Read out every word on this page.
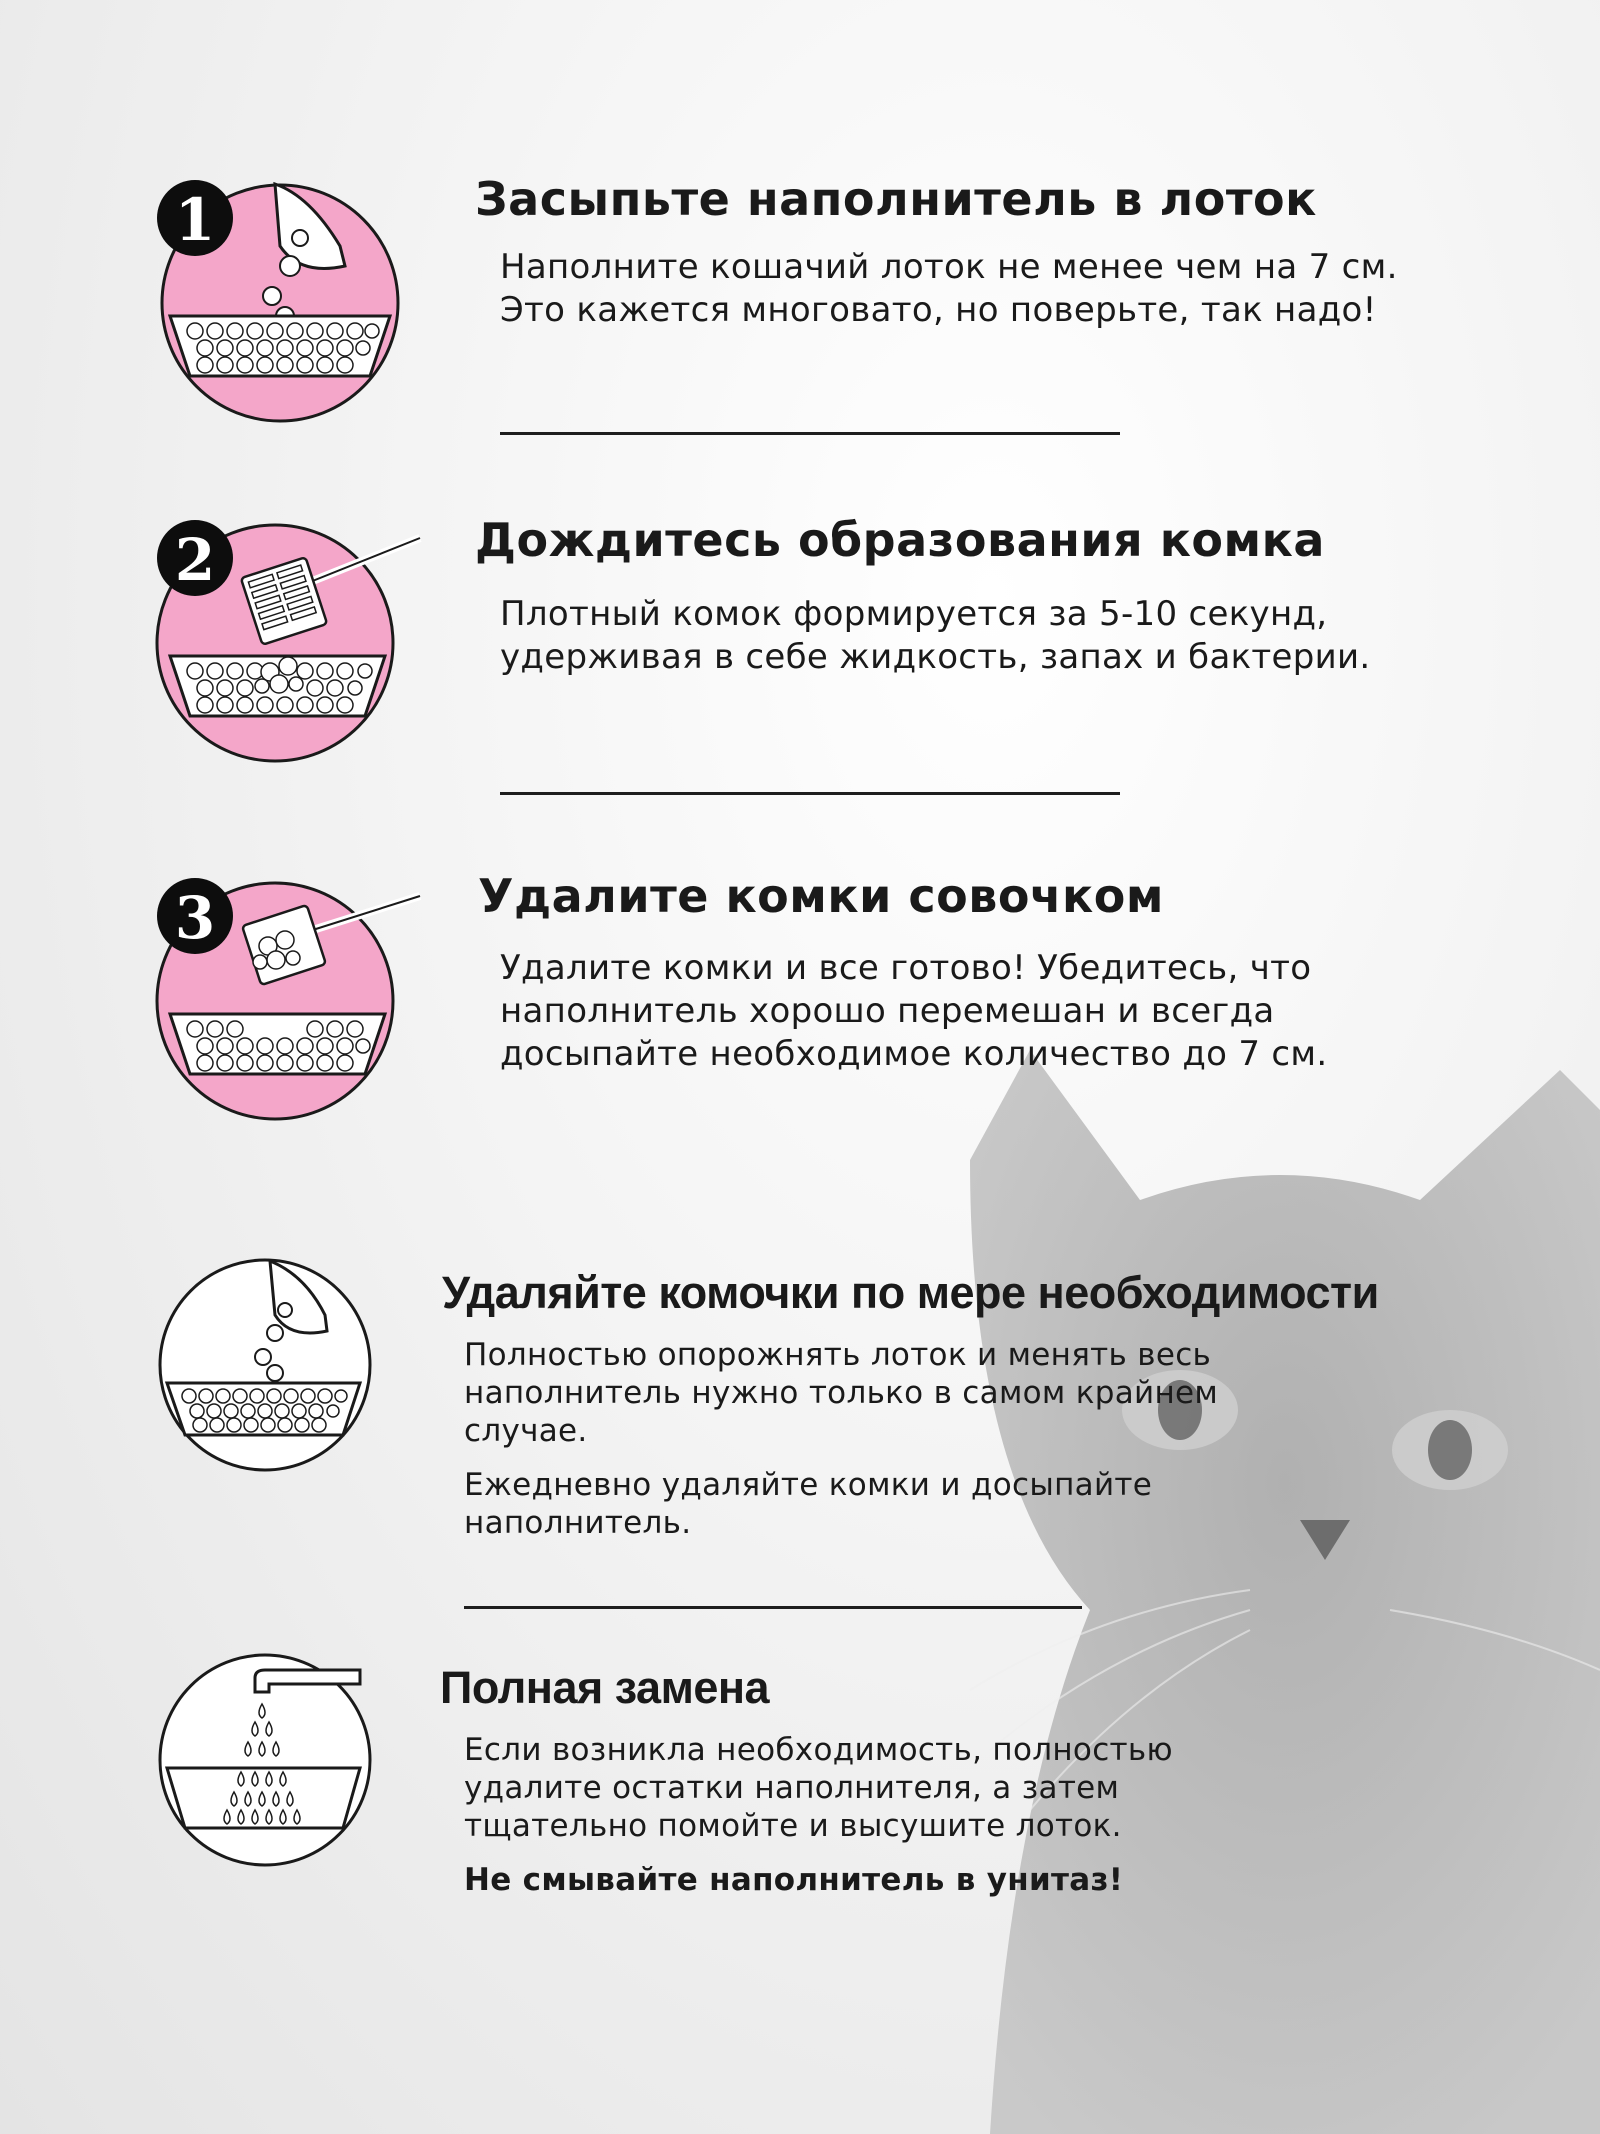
1	Засыпьте наполнитель в лоток
Наполните кошачий лоток не менее чем на 7 см.
Это кажется многовато, но поверьте, так надо!
2	Дождитесь образования комка
Плотный комок формируется за 5-10 секунд,
удерживая в себе жидкость, запах и бактерии.
3	Удалите комки совочком
Удалите комки и все готово! Убедитесь, что
наполнитель хорошо перемешан и всегда
досыпайте необходимое количество до 7 см.
Удаляйте комочки по мере необходимости
Полностью опорожнять лоток и менять весь
наполнитель нужно только в самом крайнем
случае.
Ежедневно удаляйте комки и досыпайте
наполнитель.
Полная замена
Если возникла необходимость, полностью
удалите остатки наполнителя, а затем
тщательно помойте и высушите лоток.
Не смывайте наполнитель в унитаз!
